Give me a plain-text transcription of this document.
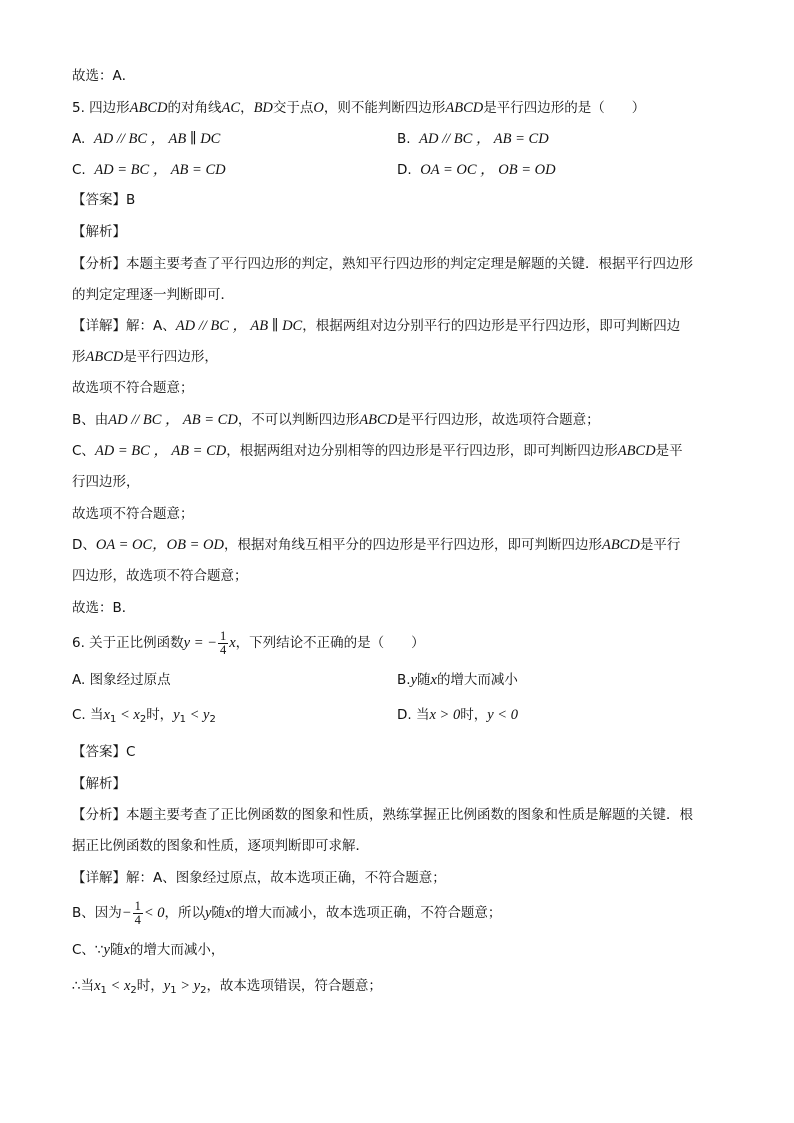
故选：A．
5. 四边形ABCD的对角线AC，BD交于点O，则不能判断四边形ABCD是平行四边形的是（　　）
A. AD // BC ， AB ∥ DC	B. AD // BC ， AB = CD
C. AD = BC ， AB = CD	D. OA = OC ， OB = OD
【答案】B
【解析】
【分析】本题主要考查了平行四边形的判定，熟知平行四边形的判定定理是解题的关键．根据平行四边形
的判定定理逐一判断即可．
【详解】解：A、AD // BC ， AB ∥ DC，根据两组对边分别平行的四边形是平行四边形，即可判断四边
形ABCD是平行四边形，
故选项不符合题意；
B、由AD // BC ， AB = CD，不可以判断四边形ABCD是平行四边形，故选项符合题意；
C、AD = BC ， AB = CD，根据两组对边分别相等的四边形是平行四边形，即可判断四边形ABCD是平
行四边形，
故选项不符合题意；
D、OA = OC，OB = OD，根据对角线互相平分的四边形是平行四边形，即可判断四边形ABCD是平行
四边形，故选项不符合题意；
故选：B．
6. 关于正比例函数y = − $\frac{1}{4}$ x，下列结论不正确的是（　　）
A. 图象经过原点	B.y随x的增大而减小
C. 当$x_1 < x_2$时，$y_1 < y_2$	D. 当x > 0时，y < 0
【答案】C
【解析】
【分析】本题主要考查了正比例函数的图象和性质，熟练掌握正比例函数的图象和性质是解题的关键．根
据正比例函数的图象和性质，逐项判断即可求解．
【详解】解：A、图象经过原点，故本选项正确，不符合题意；
B、因为− $\frac{1}{4} < 0$，所以y随x的增大而减小，故本选项正确，不符合题意；
C、∵y随x的增大而减小，
∴当$x_1 < x_2$时，$y_1 > y_2$，故本选项错误，符合题意；
